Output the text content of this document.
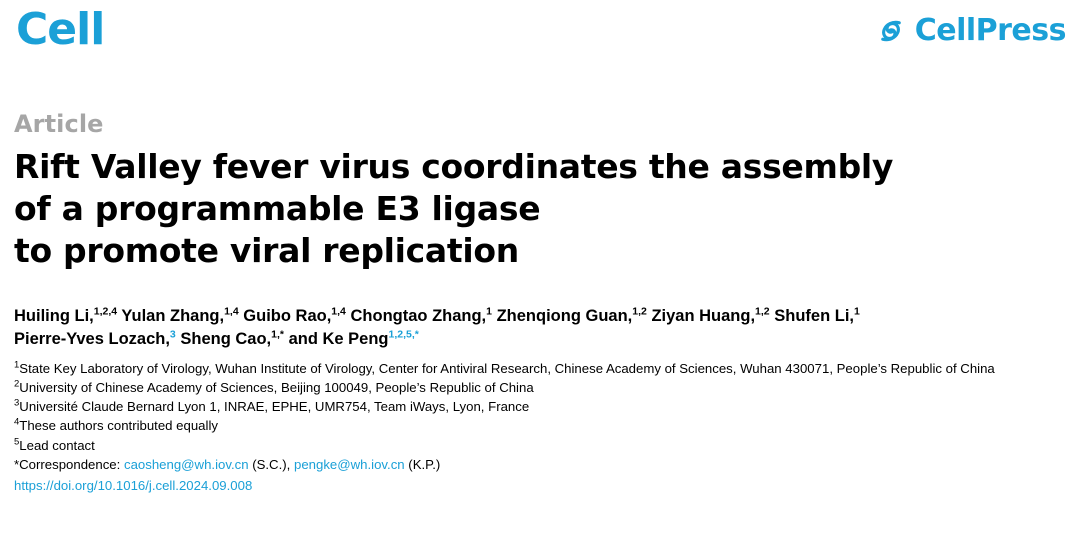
Cell	CellPress
Article
Rift Valley fever virus coordinates the assembly
of a programmable E3 ligase
to promote viral replication
Huiling Li,$^{1,2,4}$ Yulan Zhang,$^{1,4}$ Guibo Rao,$^{1,4}$ Chongtao Zhang,$^1$ Zhenqiong Guan,$^{1,2}$ Ziyan Huang,$^{1,2}$ Shufen Li,$^1$
Pierre-Yves Lozach,$^3$ Sheng Cao,$^{1,*}$ and Ke Peng$^{1,2,5,*}$
$^1$State Key Laboratory of Virology, Wuhan Institute of Virology, Center for Antiviral Research, Chinese Academy of Sciences, Wuhan 430071, People’s Republic of China
$^2$University of Chinese Academy of Sciences, Beijing 100049, People’s Republic of China
$^3$Université Claude Bernard Lyon 1, INRAE, EPHE, UMR754, Team iWays, Lyon, France
$^4$These authors contributed equally
$^5$Lead contact
*Correspondence: caosheng@wh.iov.cn (S.C.), pengke@wh.iov.cn (K.P.)
https://doi.org/10.1016/j.cell.2024.09.008
